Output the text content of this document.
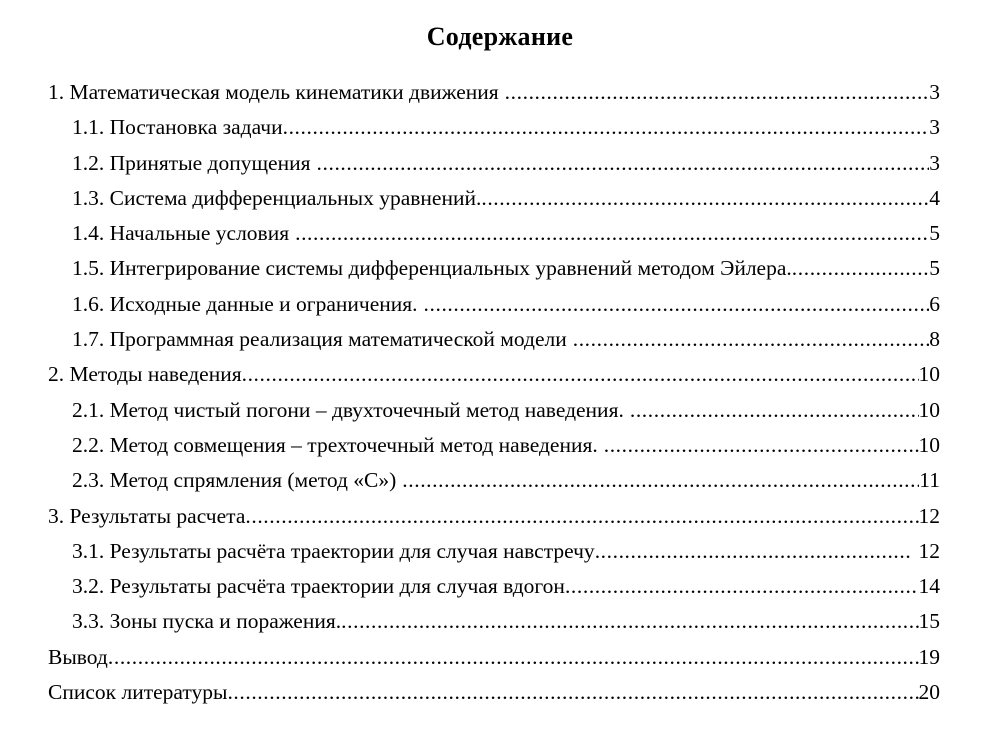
Содержание
1. Математическая модель кинематики движения .....	3
1.1. Постановка задачи .....	3
1.2. Принятые допущения .....	3
1.3. Система дифференциальных уравнений. .....	4
1.4. Начальные условия .....	5
1.5. Интегрирование системы дифференциальных уравнений методом Эйлера. .....	5
1.6. Исходные данные и ограничения. .....	6
1.7. Программная реализация математической модели .....	8
2. Методы наведения .....	10
2.1. Метод чистый погони – двухточечный метод наведения. .....	10
2.2. Метод совмещения – трехточечный метод наведения. .....	10
2.3. Метод спрямления (метод «С») .....	11
3. Результаты расчета .....	12
3.1. Результаты расчёта траектории для случая навстречу .....	12
3.2. Результаты расчёта траектории для случая вдогон .....	14
3.3. Зоны пуска и поражения. .....	15
Вывод .....	19
Список литературы .....	20
